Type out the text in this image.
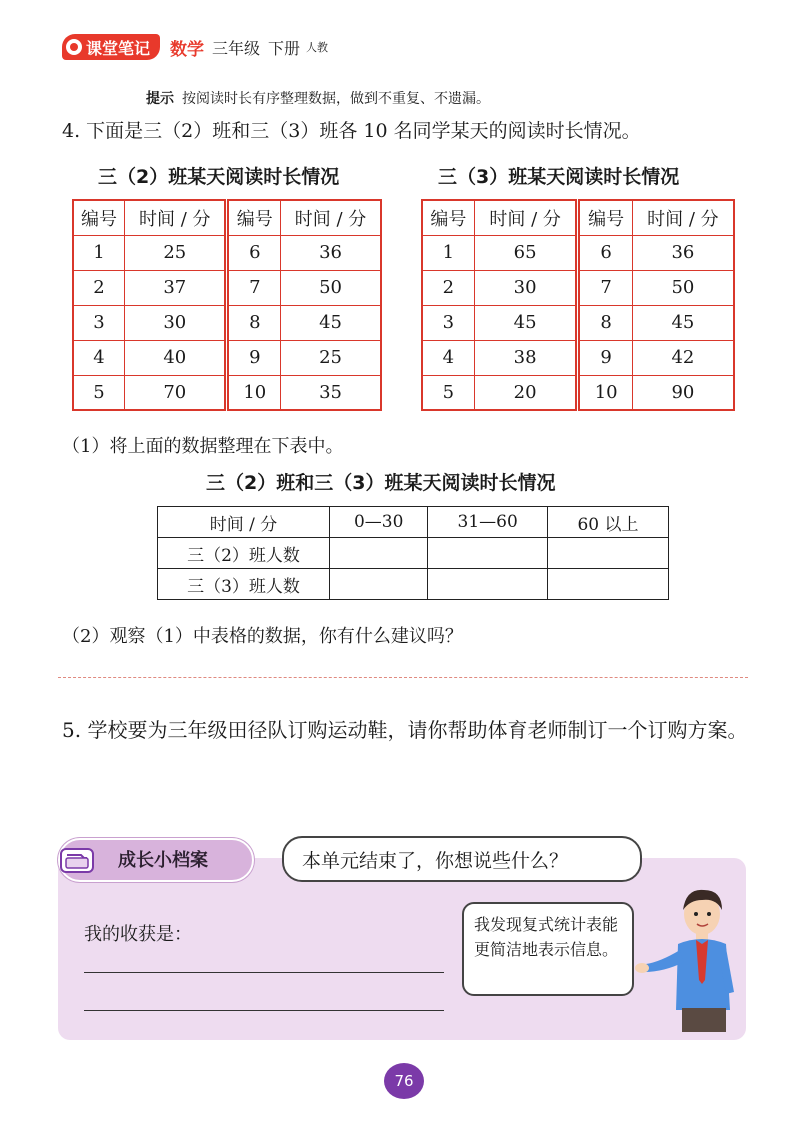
课堂笔记 数学 三年级 下册 人教
提示 按阅读时长有序整理数据，做到不重复、不遗漏。
4. 下面是三（2）班和三（3）班各 10 名同学某天的阅读时长情况。
三（2）班某天阅读时长情况	三（3）班某天阅读时长情况
编号	时间 / 分	编号	时间 / 分
1	25	6	36
2	37	7	50
3	30	8	45
4	40	9	25
5	70	10	35
编号	时间 / 分	编号	时间 / 分
1	65	6	36
2	30	7	50
3	45	8	45
4	38	9	42
5	20	10	90
（1）将上面的数据整理在下表中。
三（2）班和三（3）班某天阅读时长情况
时间 / 分	0—30	31—60	60 以上
三（2）班人数			
三（3）班人数			
（2）观察（1）中表格的数据，你有什么建议吗？
5. 学校要为三年级田径队订购运动鞋，请你帮助体育老师制订一个订购方案。
成长小档案	本单元结束了，你想说些什么？
我的收获是：	我发现复式统计表能更简洁地表示信息。
76
